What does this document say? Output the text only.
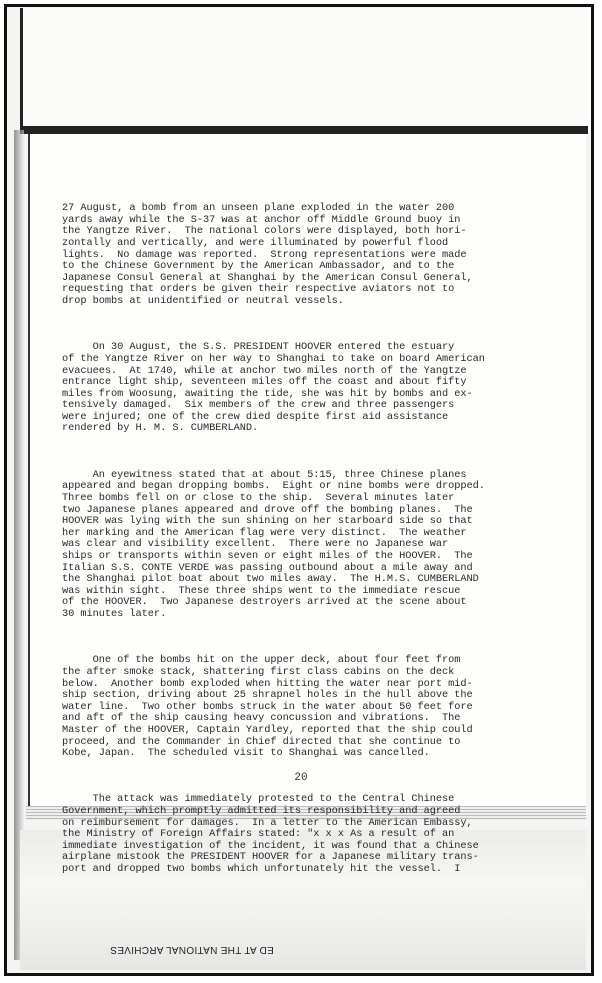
27 August, a bomb from an unseen plane exploded in the water 200
yards away while the S-37 was at anchor off Middle Ground buoy in
the Yangtze River.  The national colors were displayed, both hori-
zontally and vertically, and were illuminated by powerful flood
lights.  No damage was reported.  Strong representations were made
to the Chinese Government by the American Ambassador, and to the
Japanese Consul General at Shanghai by the American Consul General,
requesting that orders be given their respective aviators not to
drop bombs at unidentified or neutral vessels.

On 30 August, the S.S. PRESIDENT HOOVER entered the estuary
of the Yangtze River on her way to Shanghai to take on board American
evacuees.  At 1740, while at anchor two miles north of the Yangtze
entrance light ship, seventeen miles off the coast and about fifty
miles from Woosung, awaiting the tide, she was hit by bombs and ex-
tensively damaged.  Six members of the crew and three passengers
were injured; one of the crew died despite first aid assistance
rendered by H. M. S. CUMBERLAND.

An eyewitness stated that at about 5:15, three Chinese planes
appeared and began dropping bombs.  Eight or nine bombs were dropped.
Three bombs fell on or close to the ship.  Several minutes later
two Japanese planes appeared and drove off the bombing planes.  The
HOOVER was lying with the sun shining on her starboard side so that
her marking and the American flag were very distinct.  The weather
was clear and visibility excellent.  There were no Japanese war
ships or transports within seven or eight miles of the HOOVER.  The
Italian S.S. CONTE VERDE was passing outbound about a mile away and
the Shanghai pilot boat about two miles away.  The H.M.S. CUMBERLAND
was within sight.  These three ships went to the immediate rescue
of the HOOVER.  Two Japanese destroyers arrived at the scene about
30 minutes later.

One of the bombs hit on the upper deck, about four feet from
the after smoke stack, shattering first class cabins on the deck
below.  Another bomb exploded when hitting the water near port mid-
ship section, driving about 25 shrapnel holes in the hull above the
water line.  Two other bombs struck in the water about 50 feet fore
and aft of the ship causing heavy concussion and vibrations.  The
Master of the HOOVER, Captain Yardley, reported that the ship could
proceed, and the Commander in Chief directed that she continue to
Kobe, Japan.  The scheduled visit to Shanghai was cancelled.

The attack was immediately protested to the Central Chinese
Government, which promptly admitted its responsibility and agreed
on reimbursement for damages.  In a letter to the American Embassy,
the Ministry of Foreign Affairs stated: "x x x As a result of an
immediate investigation of the incident, it was found that a Chinese
airplane mistook the PRESIDENT HOOVER for a Japanese military trans-
port and dropped two bombs which unfortunately hit the vessel.  I

20
ED AT THE NATIONAL ARCHIVES
